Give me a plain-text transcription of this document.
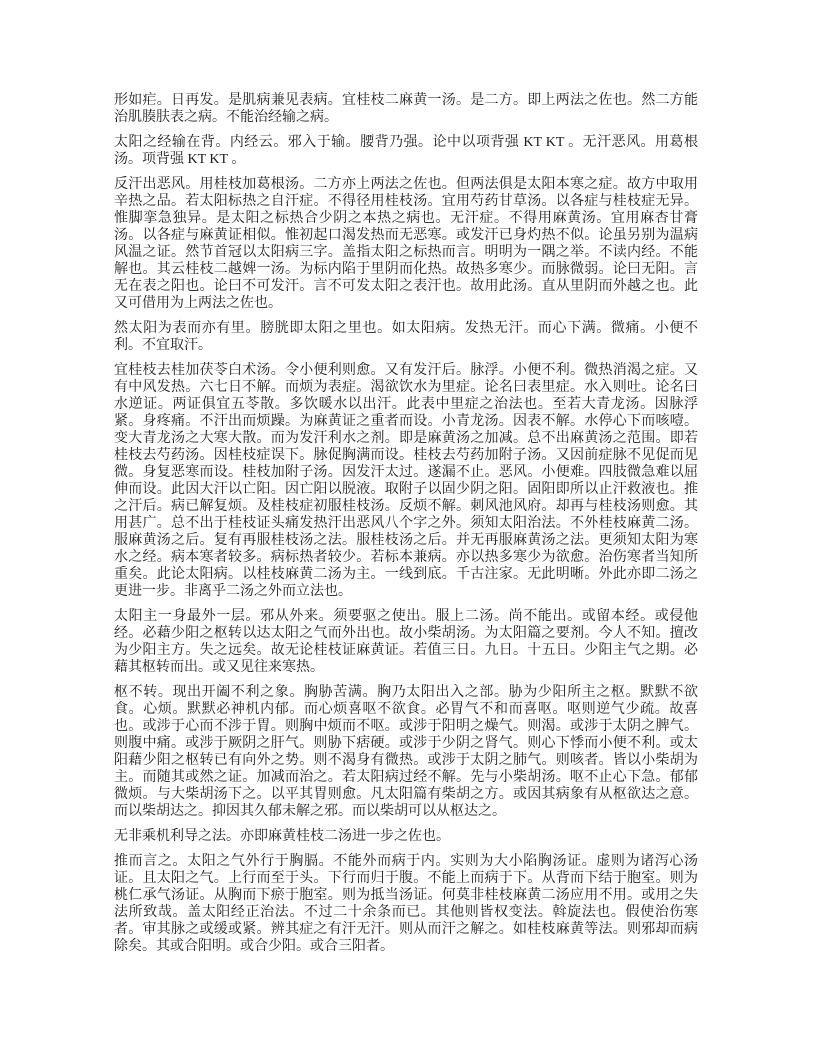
形如疟。日再发。是肌病兼见表病。宜桂枝二麻黄一汤。是二方。即上两法之佐也。然二方能治肌腠肤表之病。不能治经输之病。

太阳之经输在背。内经云。邪入于输。腰背乃强。论中以项背强 KT KT 。无汗恶风。用葛根汤。项背强 KT KT 。

反汗出恶风。用桂枝加葛根汤。二方亦上两法之佐也。但两法俱是太阳本寒之症。故方中取用辛热之品。若太阳标热之自汗症。不得径用桂枝汤。宜用芍药甘草汤。以各症与桂枝症无异。惟脚挛急独异。是太阳之标热合少阴之本热之病也。无汗症。不得用麻黄汤。宜用麻杏甘膏汤。以各症与麻黄证相似。惟初起口渴发热而无恶寒。或发汗已身灼热不似。论虽另别为温病风温之证。然节首冠以太阳病三字。盖指太阳之标热而言。明明为一隅之举。不读内经。不能解也。其云桂枝二越婢一汤。为标内陷于里阴而化热。故热多寒少。而脉微弱。论曰无阳。言无在表之阳也。论曰不可发汗。言不可发太阳之表汗也。故用此汤。直从里阴而外越之也。此又可借用为上两法之佐也。

然太阳为表而亦有里。膀胱即太阳之里也。如太阳病。发热无汗。而心下满。微痛。小便不利。不宜取汗。

宜桂枝去桂加茯苓白术汤。令小便利则愈。又有发汗后。脉浮。小便不利。微热消渴之症。又有中风发热。六七日不解。而烦为表症。渴欲饮水为里症。论名曰表里症。水入则吐。论名曰水逆证。两证俱宜五苓散。多饮暖水以出汗。此表中里症之治法也。至若大青龙汤。因脉浮紧。身疼痛。不汗出而烦躁。为麻黄证之重者而设。小青龙汤。因表不解。水停心下而咳噎。变大青龙汤之大寒大散。而为发汗利水之剂。即是麻黄汤之加减。总不出麻黄汤之范围。即若桂枝去芍药汤。因桂枝症误下。脉促胸满而设。桂枝去芍药加附子汤。又因前症脉不见促而见微。身复恶寒而设。桂枝加附子汤。因发汗太过。遂漏不止。恶风。小便难。四肢微急难以屈伸而设。此因大汗以亡阳。因亡阳以脱液。取附子以固少阴之阳。固阳即所以止汗救液也。推之汗后。病已解复烦。及桂枝症初服桂枝汤。反烦不解。刺风池风府。却再与桂枝汤则愈。其用甚广。总不出于桂枝证头痛发热汗出恶风八个字之外。须知太阳治法。不外桂枝麻黄二汤。服麻黄汤之后。复有再服桂枝汤之法。服桂枝汤之后。并无再服麻黄汤之法。更须知太阳为寒水之经。病本寒者较多。病标热者较少。若标本兼病。亦以热多寒少为欲愈。治伤寒者当知所重矣。此论太阳病。以桂枝麻黄二汤为主。一线到底。千古注家。无此明晰。外此亦即二汤之更进一步。非离乎二汤之外而立法也。

太阳主一身最外一层。邪从外来。须要驱之使出。服上二汤。尚不能出。或留本经。或侵他经。必藉少阳之枢转以达太阳之气而外出也。故小柴胡汤。为太阳篇之要剂。今人不知。擅改为少阳主方。失之远矣。故无论桂枝证麻黄证。若值三日。九日。十五日。少阳主气之期。必藉其枢转而出。或又见往来寒热。

枢不转。现出开阖不利之象。胸胁苦满。胸乃太阳出入之部。胁为少阳所主之枢。默默不欲食。心烦。默默必神机内郁。而心烦喜呕不欲食。必胃气不和而喜呕。呕则逆气少疏。故喜也。或涉于心而不涉于胃。则胸中烦而不呕。或涉于阳明之燥气。则渴。或涉于太阴之脾气。则腹中痛。或涉于厥阴之肝气。则胁下痞硬。或涉于少阴之肾气。则心下悸而小便不利。或太阳藉少阳之枢转已有向外之势。则不渴身有微热。或涉于太阴之肺气。则咳者。皆以小柴胡为主。而随其或然之证。加减而治之。若太阳病过经不解。先与小柴胡汤。呕不止心下急。郁郁微烦。与大柴胡汤下之。以平其胃则愈。凡太阳篇有柴胡之方。或因其病象有从枢欲达之意。而以柴胡达之。抑因其久郁未解之邪。而以柴胡可以从枢达之。

无非乘机利导之法。亦即麻黄桂枝二汤进一步之佐也。

推而言之。太阳之气外行于胸膈。不能外而病于内。实则为大小陷胸汤证。虚则为诸泻心汤证。且太阳之气。上行而至于头。下行而归于腹。不能上而病于下。从背而下结于胞室。则为桃仁承气汤证。从胸而下瘀于胞室。则为抵当汤证。何莫非桂枝麻黄二汤应用不用。或用之失法所致哉。盖太阳经正治法。不过二十余条而已。其他则皆权变法。斡旋法也。假使治伤寒者。审其脉之或缓或紧。辨其症之有汗无汗。则从而汗之解之。如桂枝麻黄等法。则邪却而病除矣。其或合阳明。或合少阳。或合三阳者。
